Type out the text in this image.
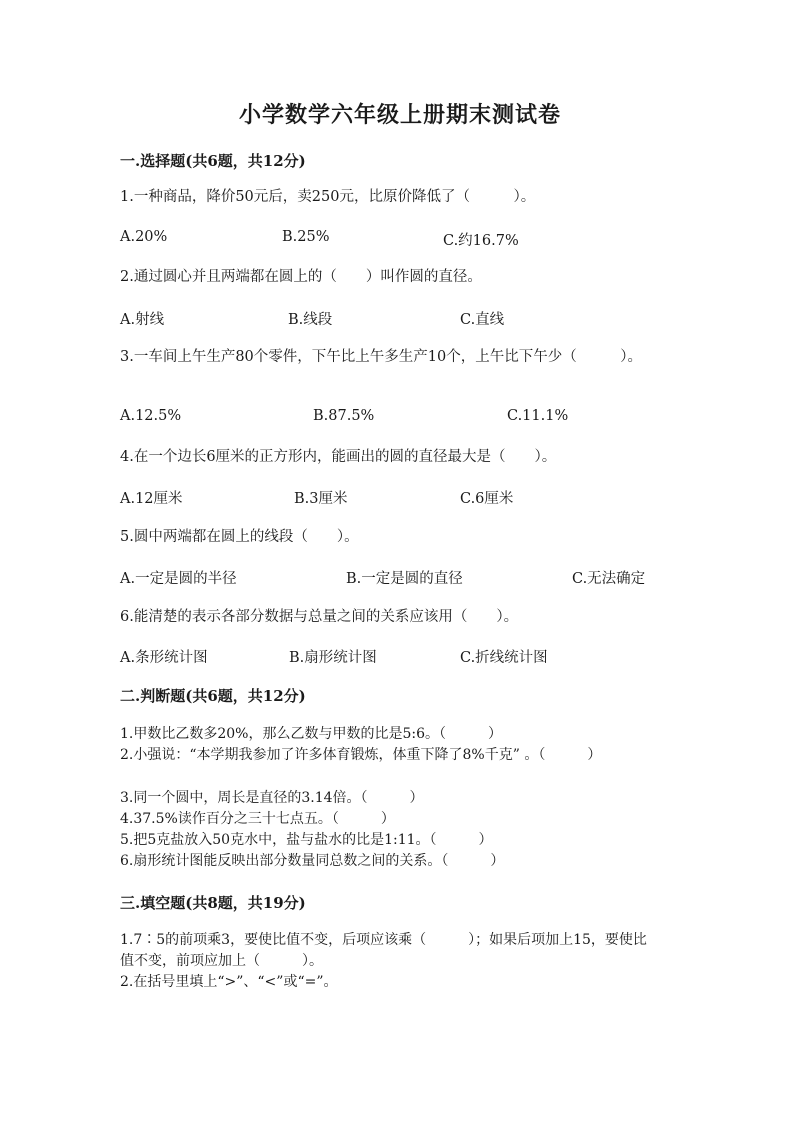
小学数学六年级上册期末测试卷
一.选择题(共6题，共12分)
1.一种商品，降价50元后，卖250元，比原价降低了（　　　）。
A.20%	B.25%	C.约16.7%
2.通过圆心并且两端都在圆上的（　　）叫作圆的直径。
A.射线	B.线段	C.直线
3.一车间上午生产80个零件，下午比上午多生产10个，上午比下午少（　　　）。
A.12.5%	B.87.5%	C.11.1%
4.在一个边长6厘米的正方形内，能画出的圆的直径最大是（　　）。
A.12厘米	B.3厘米	C.6厘米
5.圆中两端都在圆上的线段（　　）。
A.一定是圆的半径	B.一定是圆的直径	C.无法确定
6.能清楚的表示各部分数据与总量之间的关系应该用（　　）。
A.条形统计图	B.扇形统计图	C.折线统计图
二.判断题(共6题，共12分)
1.甲数比乙数多20%，那么乙数与甲数的比是5:6。（　　　）
2.小强说：“本学期我参加了许多体育锻炼，体重下降了8%千克” 。（　　　）
3.同一个圆中，周长是直径的3.14倍。（　　　）
4.37.5%读作百分之三十七点五。（　　　）
5.把5克盐放入50克水中，盐与盐水的比是1:11。（　　　）
6.扇形统计图能反映出部分数量同总数之间的关系。（　　　）
三.填空题(共8题，共19分)
1.7∶5的前项乘3，要使比值不变，后项应该乘（　　　）；如果后项加上15，要使比值不变，前项应加上（　　　）。
2.在括号里填上“>”、“<”或“=”。
